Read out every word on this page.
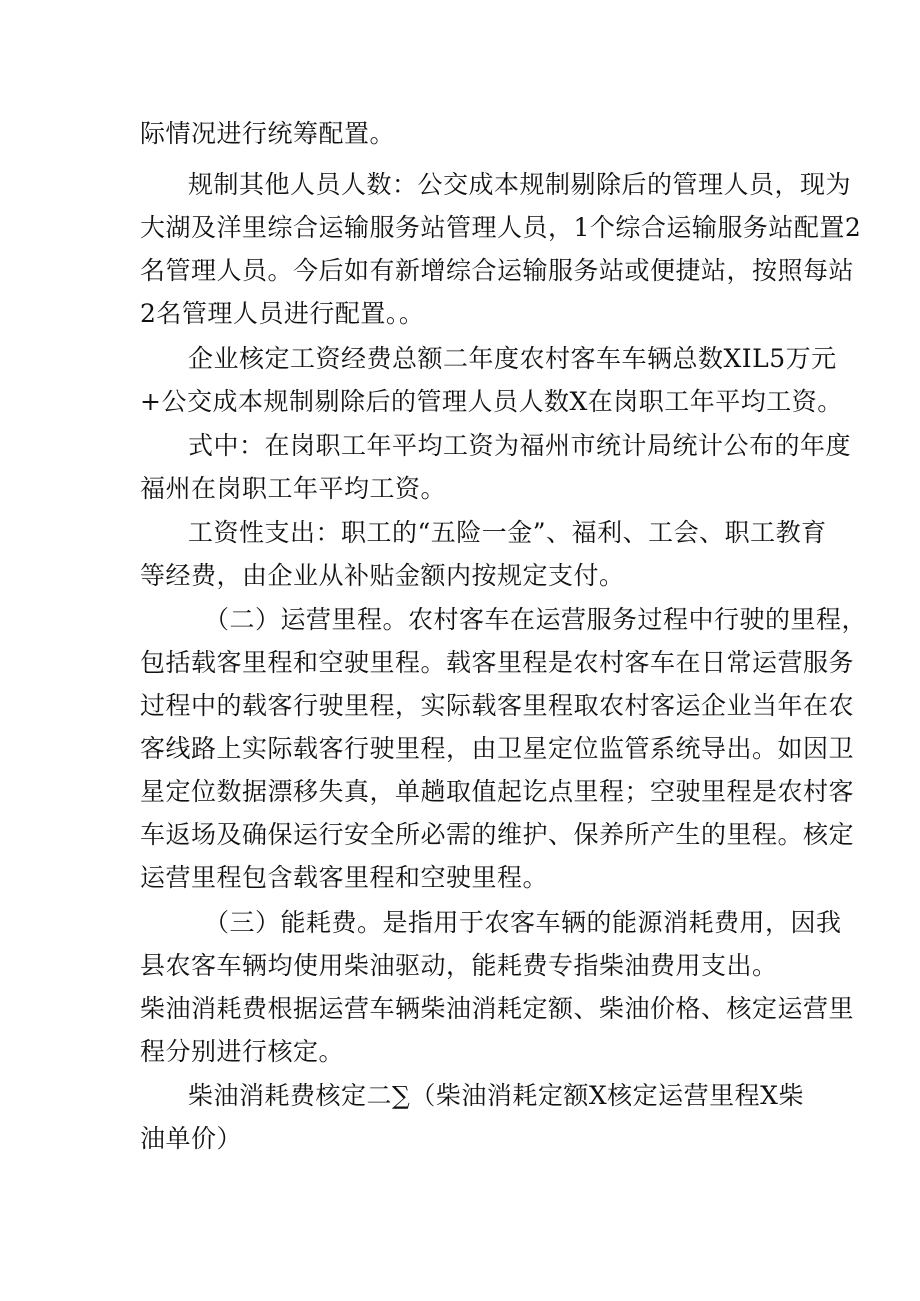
际情况进行统筹配置。
规制其他人员人数：公交成本规制剔除后的管理人员，现为
大湖及洋里综合运输服务站管理人员，1个综合运输服务站配置2
名管理人员。今后如有新增综合运输服务站或便捷站，按照每站
2名管理人员进行配置。。
企业核定工资经费总额二年度农村客车车辆总数XIL5万元
+公交成本规制剔除后的管理人员人数X在岗职工年平均工资。
式中：在岗职工年平均工资为福州市统计局统计公布的年度
福州在岗职工年平均工资。
工资性支出：职工的“五险一金”、福利、工会、职工教育
等经费，由企业从补贴金额内按规定支付。
（二）运营里程。农村客车在运营服务过程中行驶的里程，
包括载客里程和空驶里程。载客里程是农村客车在日常运营服务
过程中的载客行驶里程，实际载客里程取农村客运企业当年在农
客线路上实际载客行驶里程，由卫星定位监管系统导出。如因卫
星定位数据漂移失真，单趟取值起讫点里程；空驶里程是农村客
车返场及确保运行安全所必需的维护、保养所产生的里程。核定
运营里程包含载客里程和空驶里程。
（三）能耗费。是指用于农客车辆的能源消耗费用，因我
县农客车辆均使用柴油驱动，能耗费专指柴油费用支出。
柴油消耗费根据运营车辆柴油消耗定额、柴油价格、核定运营里
程分别进行核定。
柴油消耗费核定二∑（柴油消耗定额X核定运营里程X柴
油单价）
